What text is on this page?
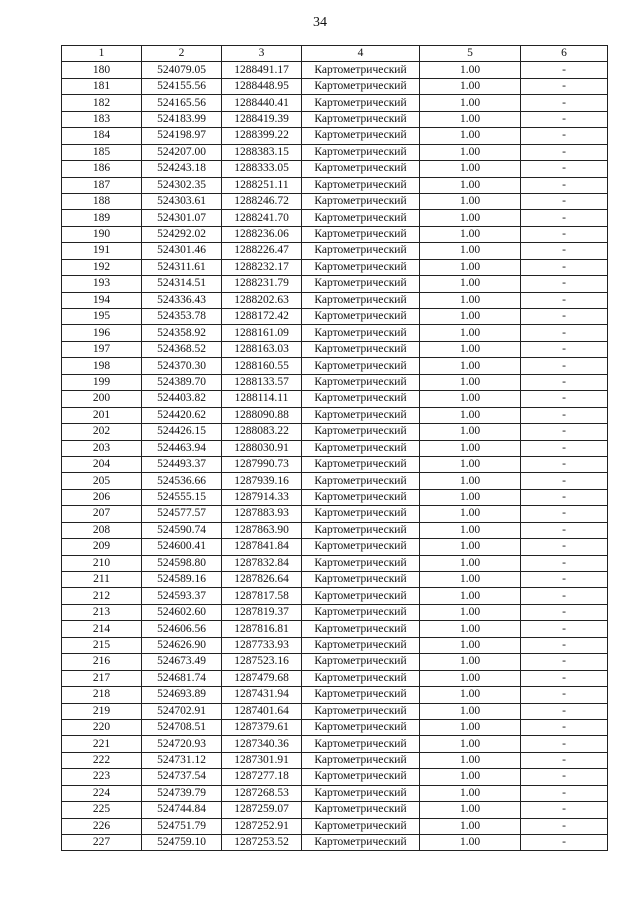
34
1	2	3	4	5	6
180	524079.05	1288491.17	Картометрический	1.00	-
181	524155.56	1288448.95	Картометрический	1.00	-
182	524165.56	1288440.41	Картометрический	1.00	-
183	524183.99	1288419.39	Картометрический	1.00	-
184	524198.97	1288399.22	Картометрический	1.00	-
185	524207.00	1288383.15	Картометрический	1.00	-
186	524243.18	1288333.05	Картометрический	1.00	-
187	524302.35	1288251.11	Картометрический	1.00	-
188	524303.61	1288246.72	Картометрический	1.00	-
189	524301.07	1288241.70	Картометрический	1.00	-
190	524292.02	1288236.06	Картометрический	1.00	-
191	524301.46	1288226.47	Картометрический	1.00	-
192	524311.61	1288232.17	Картометрический	1.00	-
193	524314.51	1288231.79	Картометрический	1.00	-
194	524336.43	1288202.63	Картометрический	1.00	-
195	524353.78	1288172.42	Картометрический	1.00	-
196	524358.92	1288161.09	Картометрический	1.00	-
197	524368.52	1288163.03	Картометрический	1.00	-
198	524370.30	1288160.55	Картометрический	1.00	-
199	524389.70	1288133.57	Картометрический	1.00	-
200	524403.82	1288114.11	Картометрический	1.00	-
201	524420.62	1288090.88	Картометрический	1.00	-
202	524426.15	1288083.22	Картометрический	1.00	-
203	524463.94	1288030.91	Картометрический	1.00	-
204	524493.37	1287990.73	Картометрический	1.00	-
205	524536.66	1287939.16	Картометрический	1.00	-
206	524555.15	1287914.33	Картометрический	1.00	-
207	524577.57	1287883.93	Картометрический	1.00	-
208	524590.74	1287863.90	Картометрический	1.00	-
209	524600.41	1287841.84	Картометрический	1.00	-
210	524598.80	1287832.84	Картометрический	1.00	-
211	524589.16	1287826.64	Картометрический	1.00	-
212	524593.37	1287817.58	Картометрический	1.00	-
213	524602.60	1287819.37	Картометрический	1.00	-
214	524606.56	1287816.81	Картометрический	1.00	-
215	524626.90	1287733.93	Картометрический	1.00	-
216	524673.49	1287523.16	Картометрический	1.00	-
217	524681.74	1287479.68	Картометрический	1.00	-
218	524693.89	1287431.94	Картометрический	1.00	-
219	524702.91	1287401.64	Картометрический	1.00	-
220	524708.51	1287379.61	Картометрический	1.00	-
221	524720.93	1287340.36	Картометрический	1.00	-
222	524731.12	1287301.91	Картометрический	1.00	-
223	524737.54	1287277.18	Картометрический	1.00	-
224	524739.79	1287268.53	Картометрический	1.00	-
225	524744.84	1287259.07	Картометрический	1.00	-
226	524751.79	1287252.91	Картометрический	1.00	-
227	524759.10	1287253.52	Картометрический	1.00	-
